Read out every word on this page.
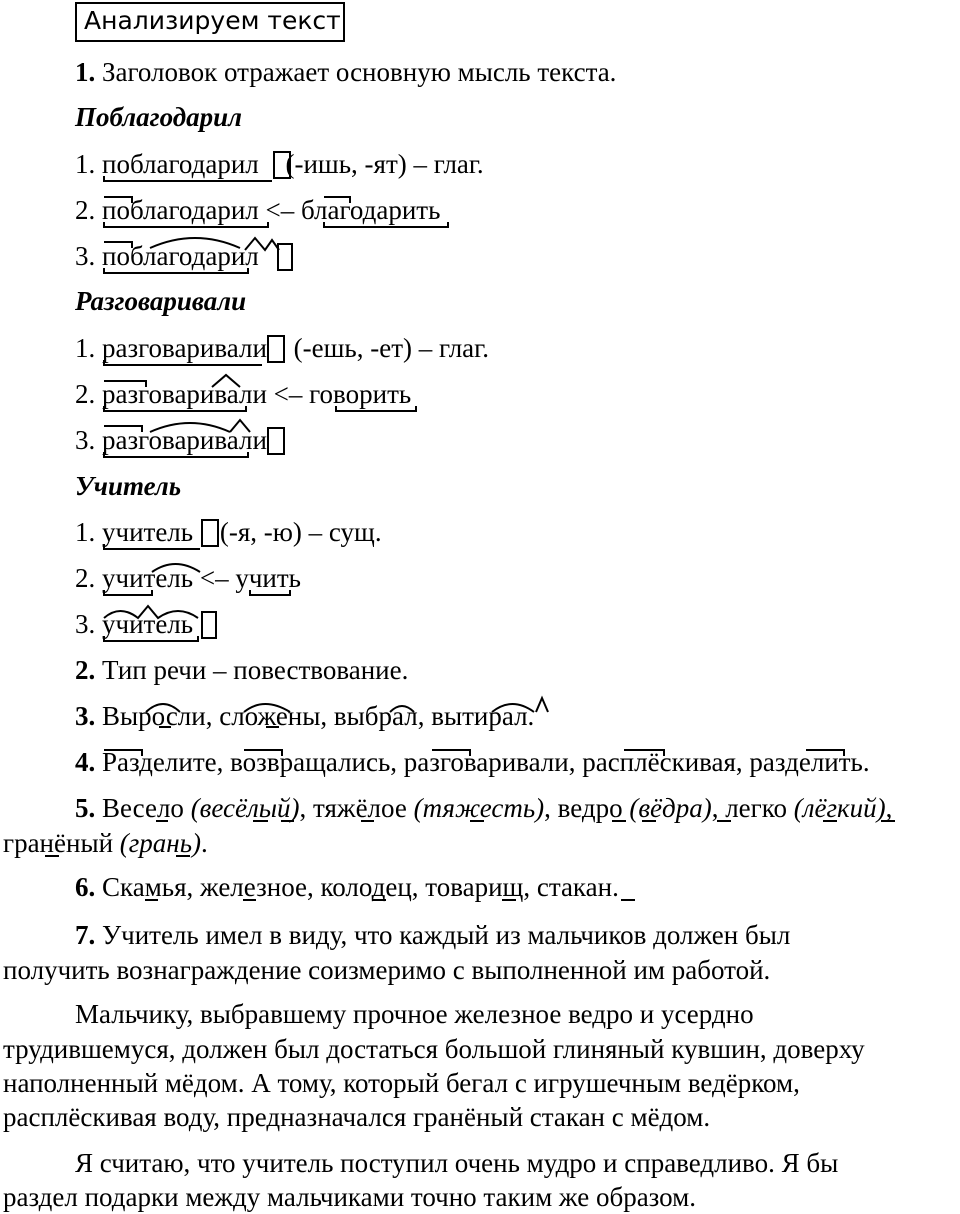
Анализируем текст
1. Заголовок отражает основную мысль текста.
Поблагодарил
1. поблагодарил (-ишь, -ят) – глаг.
2. поблагодарил <– благодарить
3. поблагодарил
Разговаривали
1. разговаривали (-ешь, -ет) – глаг.
2. разговаривали <– говорить
3. разговаривали
Учитель
1. учитель (-я, -ю) – сущ.
2. учитель <– учить
3. учитель
2. Тип речи – повествование.
3. Выросли, сложены, выбрал, вытирал.
4. Разделите, возвращались, разговаривали, расплёскивая, разделить.
5. Весело (весёлый), тяжёлое (тяжесть), ведро (вёдра), легко (лёгкий),
гранёный (грань).
6. Скамья, железное, колодец, товарищ, стакан.
7. Учитель имел в виду, что каждый из мальчиков должен был
получить вознаграждение соизмеримо с выполненной им работой.
Мальчику, выбравшему прочное железное ведро и усердно
трудившемуся, должен был достаться большой глиняный кувшин, доверху
наполненный мёдом. А тому, который бегал с игрушечным ведёрком,
расплёскивая воду, предназначался гранёный стакан с мёдом.
Я считаю, что учитель поступил очень мудро и справедливо. Я бы
раздел подарки между мальчиками точно таким же образом.
